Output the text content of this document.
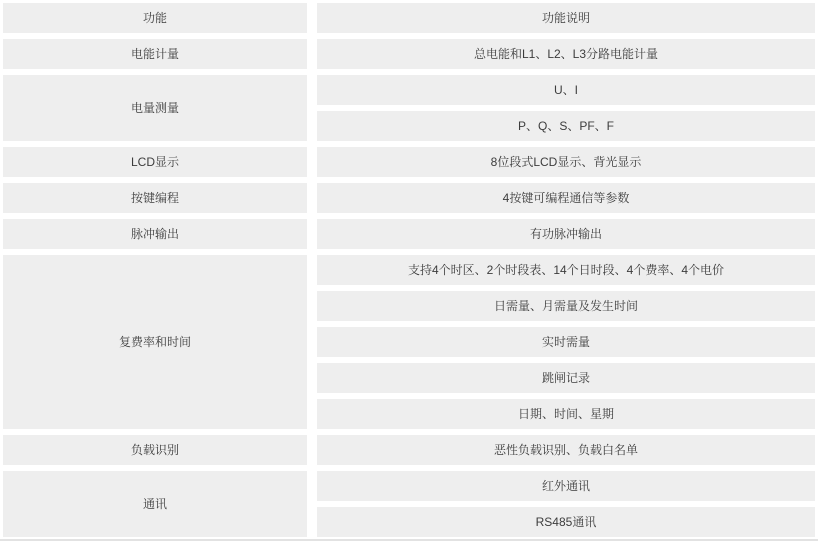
功能	功能说明
电能计量	总电能和L1、L2、L3分路电能计量
电量测量	U、I
	P、Q、S、PF、F
LCD显示	8位段式LCD显示、背光显示
按键编程	4按键可编程通信等参数
脉冲输出	有功脉冲输出
复费率和时间	支持4个时区、2个时段表、14个日时段、4个费率、4个电价
	日需量、月需量及发生时间
	实时需量
	跳闸记录
	日期、时间、星期
负载识别	恶性负载识别、负载白名单
通讯	红外通讯
	RS485通讯
